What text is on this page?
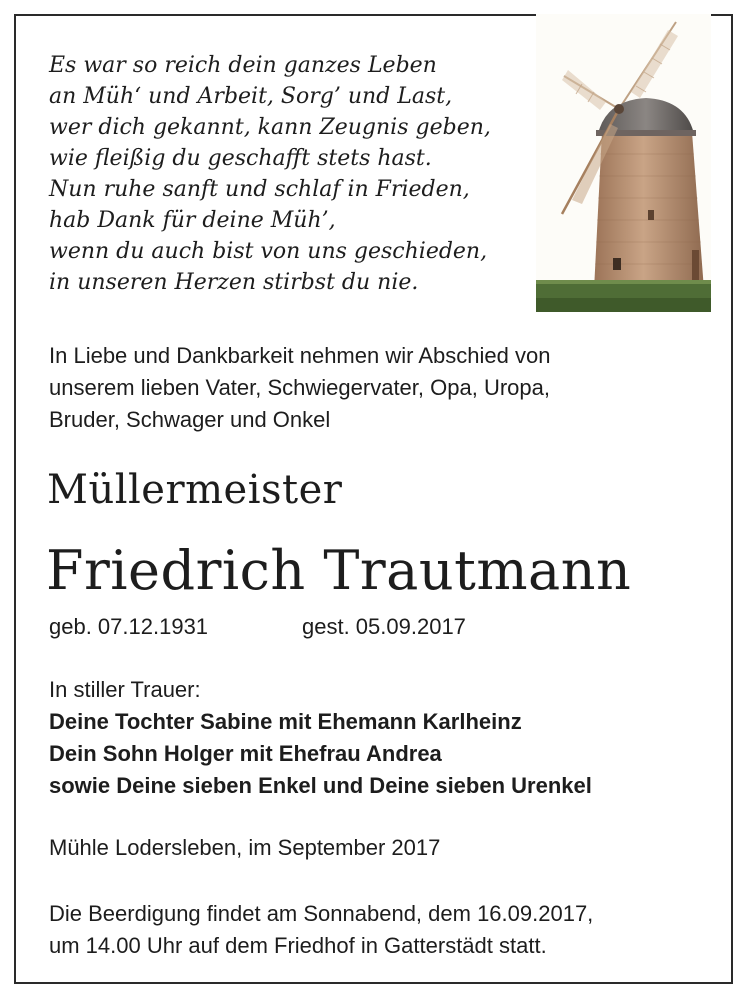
Es war so reich dein ganzes Leben
an Müh‘ und Arbeit, Sorg’ und Last,
wer dich gekannt, kann Zeugnis geben,
wie fleißig du geschafft stets hast.
Nun ruhe sanft und schlaf in Frieden,
hab Dank für deine Müh’,
wenn du auch bist von uns geschieden,
in unseren Herzen stirbst du nie.
In Liebe und Dankbarkeit nehmen wir Abschied von
unserem lieben Vater, Schwiegervater, Opa, Uropa,
Bruder, Schwager und Onkel
Müllermeister
Friedrich Trautmann
geb. 07.12.1931	gest. 05.09.2017
In stiller Trauer:
Deine Tochter Sabine mit Ehemann Karlheinz
Dein Sohn Holger mit Ehefrau Andrea
sowie Deine sieben Enkel und Deine sieben Urenkel

Mühle Lodersleben, im September 2017

Die Beerdigung findet am Sonnabend, dem 16.09.2017,
um 14.00 Uhr auf dem Friedhof in Gatterstädt statt.
